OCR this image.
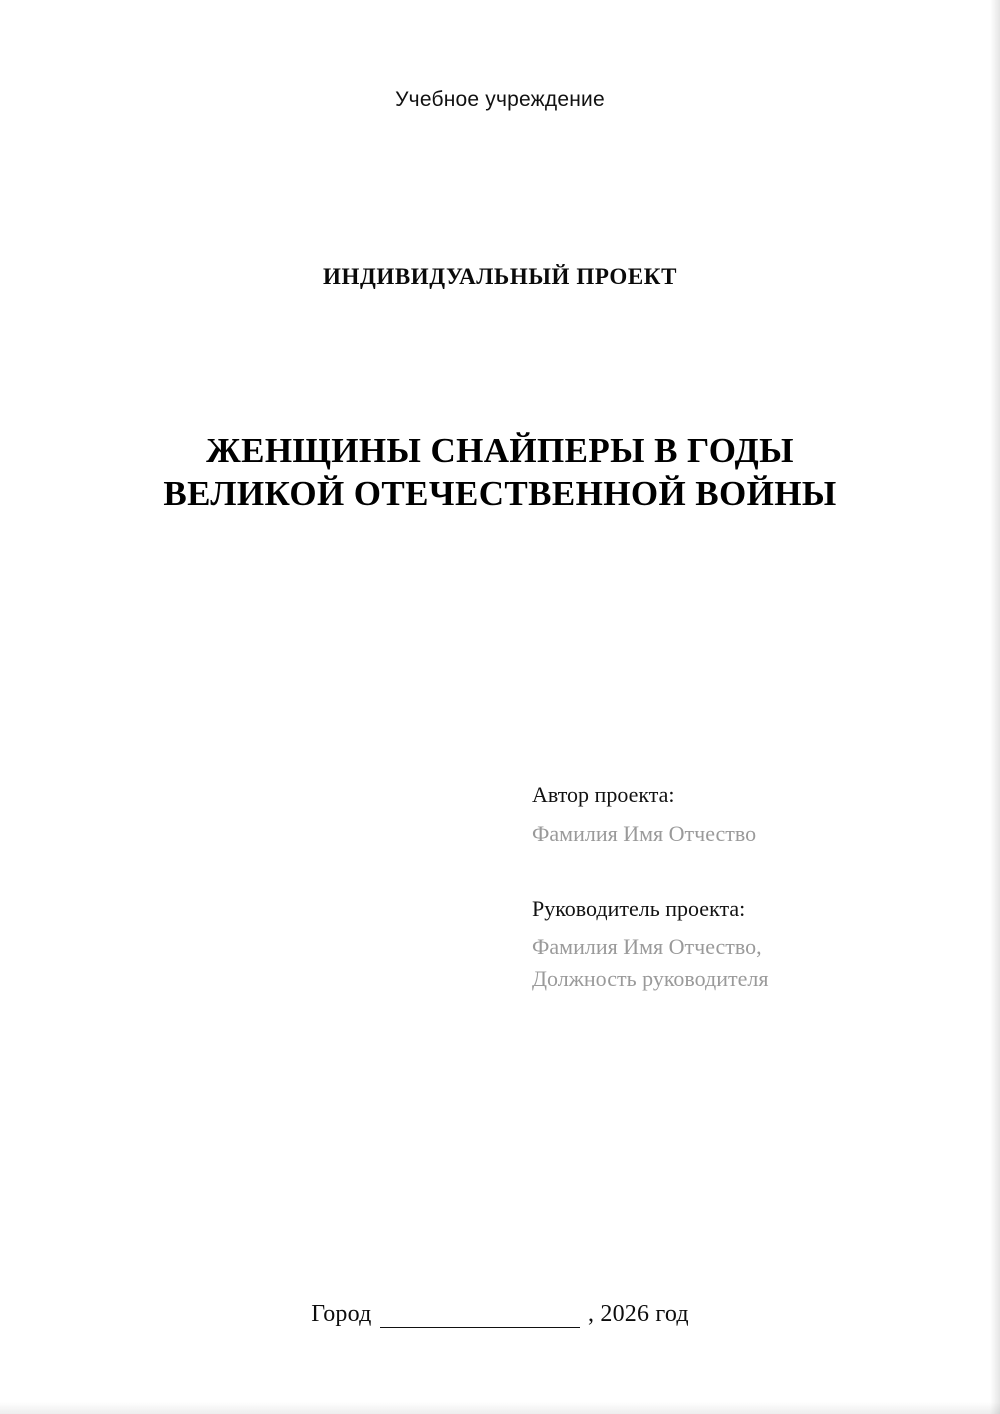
Учебное учреждение
ИНДИВИДУАЛЬНЫЙ ПРОЕКТ
ЖЕНЩИНЫ СНАЙПЕРЫ В ГОДЫ ВЕЛИКОЙ ОТЕЧЕСТВЕННОЙ ВОЙНЫ

Автор проекта:

Фамилия Имя Отчество

Руководитель проекта:

Фамилия Имя Отчество,

Должность руководителя

Город	, 2026 год
